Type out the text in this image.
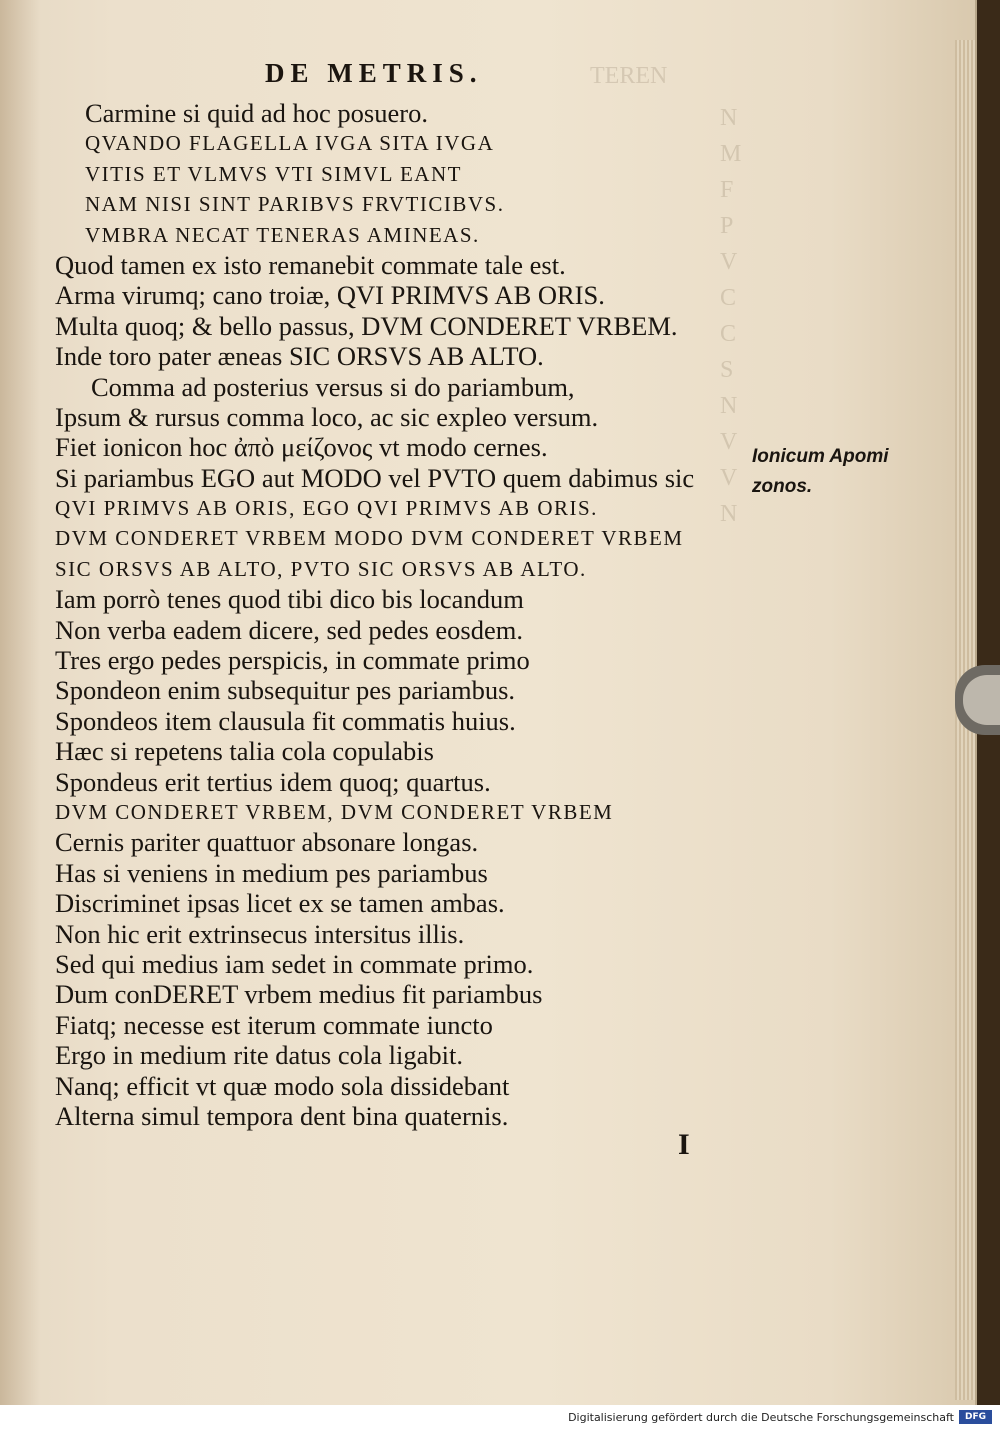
TEREN
N
M
F
P
V
C
C
S
N
V
V
N
DE METRIS.
Carmine si quid ad hoc posuero.
QVANDO FLAGELLA IVGA SITA IVGA
VITIS ET VLMVS VTI SIMVL EANT
NAM NISI SINT PARIBVS FRVTICIBVS.
VMBRA NECAT TENERAS AMINEAS.
Quod tamen ex isto remanebit commate tale est.
Arma virumq; cano troiæ, QVI PRIMVS AB ORIS.
Multa quoq; & bello passus, DVM CONDERET VRBEM.
Inde toro pater æneas SIC ORSVS AB ALTO.
Comma ad posterius versus si do pariambum,
Ipsum & rursus comma loco, ac sic expleo versum.
Fiet ionicon hoc ἀπὸ μείζονος vt modo cernes.
Si pariambus EGO aut MODO vel PVTO quem dabimus sic
QVI PRIMVS AB ORIS, EGO QVI PRIMVS AB ORIS.
DVM CONDERET VRBEM MODO DVM CONDERET VRBEM
SIC ORSVS AB ALTO, PVTO SIC ORSVS AB ALTO.
Iam porrò tenes quod tibi dico bis locandum
Non verba eadem dicere, sed pedes eosdem.
Tres ergo pedes perspicis, in commate primo
Spondeon enim subsequitur pes pariambus.
Spondeos item clausula fit commatis huius.
Hæc si repetens talia cola copulabis
Spondeus erit tertius idem quoq; quartus.
DVM CONDERET VRBEM, DVM CONDERET VRBEM
Cernis pariter quattuor absonare longas.
Has si veniens in medium pes pariambus
Discriminet ipsas licet ex se tamen ambas.
Non hic erit extrinsecus intersitus illis.
Sed qui medius iam sedet in commate primo.
Dum conDERET vrbem medius fit pariambus
Fiatq; necesse est iterum commate iuncto
Ergo in medium rite datus cola ligabit.
Nanq; efficit vt quæ modo sola dissidebant
Alterna simul tempora dent bina quaternis.
Ionicum Apomi
zonos.
I
Digitalisierung gefördert durch die Deutsche Forschungsgemeinschaft	DFG
